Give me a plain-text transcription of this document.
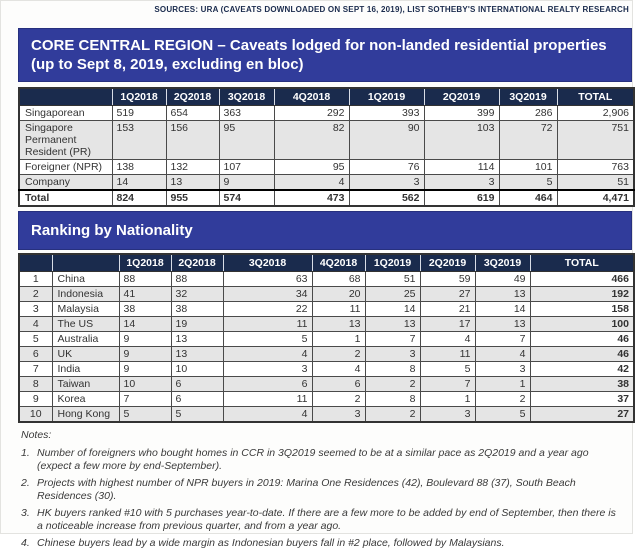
SOURCES: URA (CAVEATS DOWNLOADED ON SEPT 16, 2019), LIST SOTHEBY'S INTERNATIONAL REALTY RESEARCH
CORE CENTRAL REGION – Caveats lodged for non-landed residential properties
(up to Sept 8, 2019, excluding en bloc)
	1Q2018	2Q2018	3Q2018	4Q2018	1Q2019	2Q2019	3Q2019	TOTAL
Singaporean	519	654	363	292	393	399	286	2,906
Singapore Permanent Resident (PR)	153	156	95	82	90	103	72	751
Foreigner (NPR)	138	132	107	95	76	114	101	763
Company	14	13	9	4	3	3	5	51
Total	824	955	574	473	562	619	464	4,471
Ranking by Nationality
		1Q2018	2Q2018	3Q2018	4Q2018	1Q2019	2Q2019	3Q2019	TOTAL
1	China	88	88	63	68	51	59	49	466
2	Indonesia	41	32	34	20	25	27	13	192
3	Malaysia	38	38	22	11	14	21	14	158
4	The US	14	19	11	13	13	17	13	100
5	Australia	9	13	5	1	7	4	7	46
6	UK	9	13	4	2	3	11	4	46
7	India	9	10	3	4	8	5	3	42
8	Taiwan	10	6	6	6	2	7	1	38
9	Korea	7	6	11	2	8	1	2	37
10	Hong Kong	5	5	4	3	2	3	5	27
Notes:
1. Number of foreigners who bought homes in CCR in 3Q2019 seemed to be at a similar pace as 2Q2019 and a year ago (expect a few more by end-September).
2. Projects with highest number of NPR buyers in 2019: Marina One Residences (42), Boulevard 88 (37), South Beach Residences (30).
3. HK buyers ranked #10 with 5 purchases year-to-date. If there are a few more to be added by end of September, then there is a noticeable increase from previous quarter, and from a year ago.
4. Chinese buyers lead by a wide margin as Indonesian buyers fall in #2 place, followed by Malaysians.
